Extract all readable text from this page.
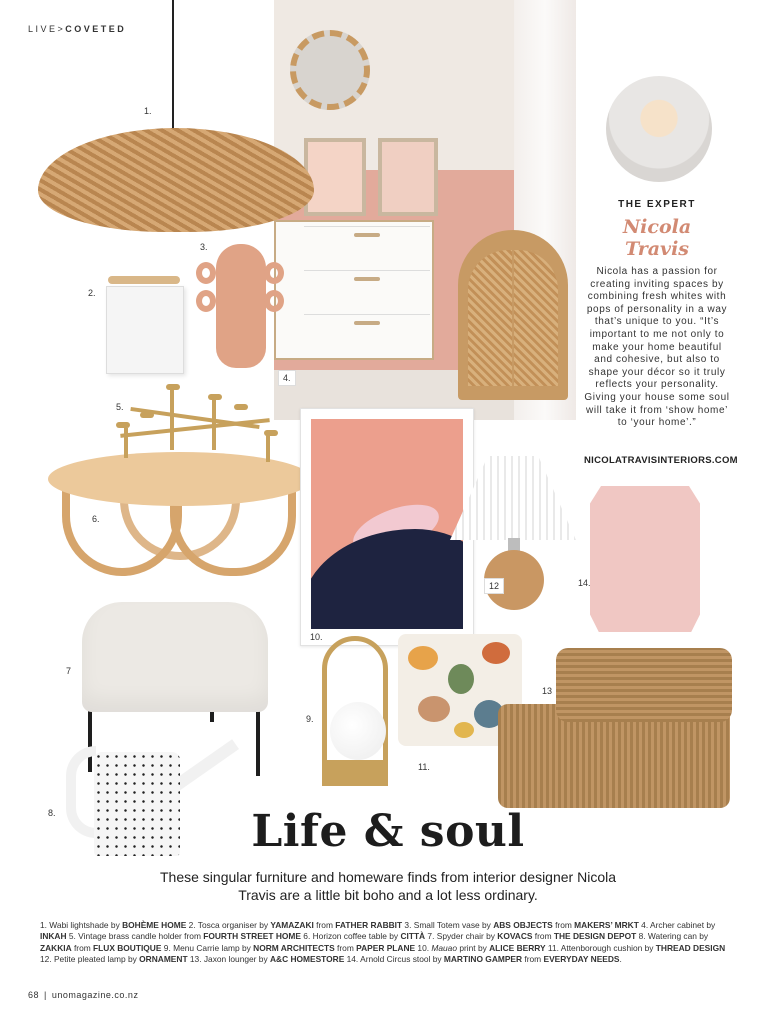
LIVE>COVETED
4.
THE EXPERT
Nicola
Travis
Nicola has a passion for creating inviting spaces by combining fresh whites with pops of personality in a way that’s unique to you. “It’s important to me not only to make your home beautiful and cohesive, but also to shape your décor so it truly reflects your personality. Giving your house some soul will take it from ‘show home’ to ‘your home’.”
NICOLATRAVISINTERIORS.COM
1.
2.
3.
6.
5.
10.
12	14.
7
8.
9.
11.
13
Life & soul
These singular furniture and homeware finds from interior designer Nicola Travis are a little bit boho and a lot less ordinary.
1. Wabi lightshade by BOHÈME HOME 2. Tosca organiser by YAMAZAKI from FATHER RABBIT 3. Small Totem vase by ABS OBJECTS from MAKERS’ MRKT 4. Archer cabinet by INKAH 5. Vintage brass candle holder from FOURTH STREET HOME 6. Horizon coffee table by CITTÀ 7. Spyder chair by KOVACS from THE DESIGN DEPOT 8. Watering can by ZAKKIA from FLUX BOUTIQUE 9. Menu Carrie lamp by NORM ARCHITECTS from PAPER PLANE 10. Mauao print by ALICE BERRY 11. Attenborough cushion by THREAD DESIGN 12. Petite pleated lamp by ORNAMENT 13. Jaxon lounger by A&C HOMESTORE 14. Arnold Circus stool by MARTINO GAMPER from EVERYDAY NEEDS.
68 | unomagazine.co.nz
